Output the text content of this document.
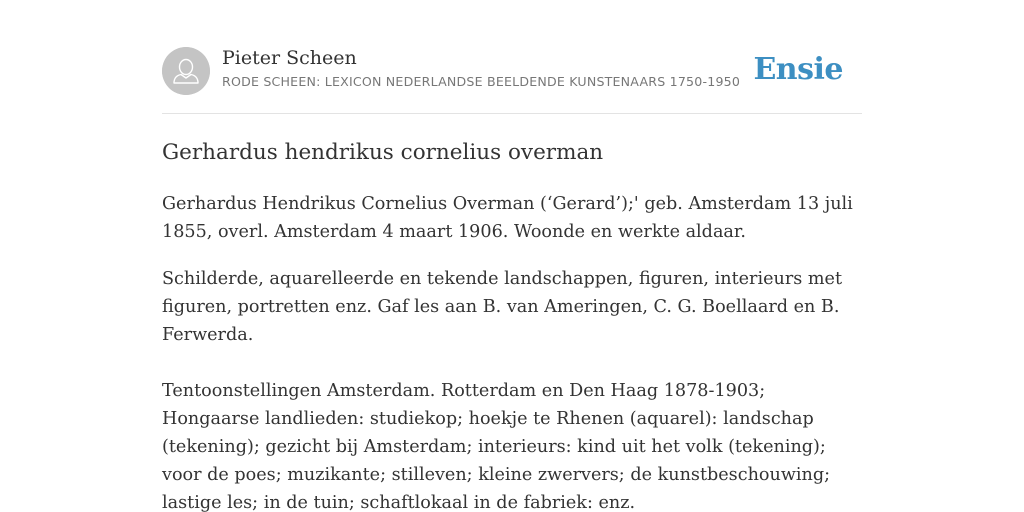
Pieter Scheen
RODE SCHEEN: LEXICON NEDERLANDSE BEELDENDE KUNSTENAARS 1750-1950 Ensie
Gerhardus hendrikus cornelius overman

Gerhardus Hendrikus Cornelius Overman (‘Gerard’);' geb. Amsterdam 13 juli 1855, overl. Amsterdam 4 maart 1906. Woonde en werkte aldaar.

Schilderde, aquarelleerde en tekende landschappen, figuren, interieurs met figuren, portretten enz. Gaf les aan B. van Ameringen, C. G. Boellaard en B. Ferwerda.

Tentoonstellingen Amsterdam. Rotterdam en Den Haag 1878-1903; Hongaarse landlieden: studiekop; hoekje te Rhenen (aquarel): landschap (tekening); gezicht bij Amsterdam; interieurs: kind uit het volk (tekening); voor de poes; muzikante; stilleven; kleine zwervers; de kunstbeschouwing; lastige les; in de tuin; schaftlokaal in de fabriek: enz.
